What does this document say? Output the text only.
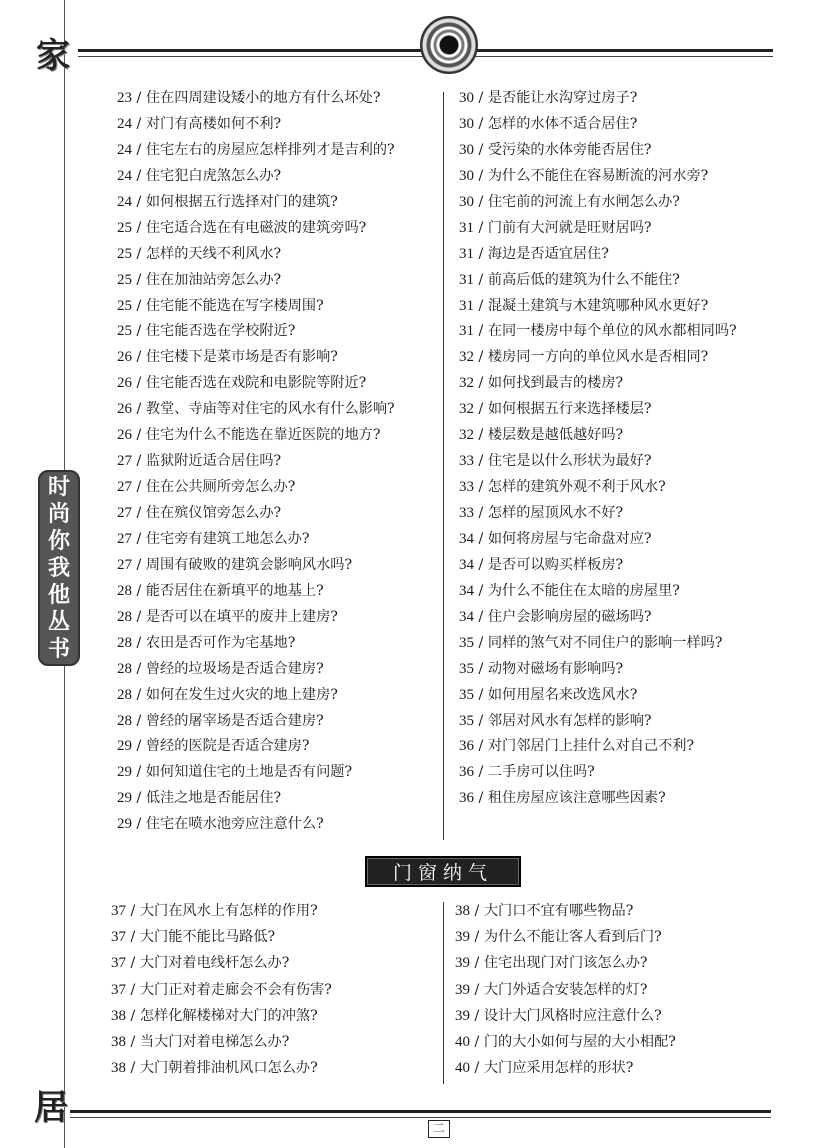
家
居
时
尚
你
我
他
丛
书
23 / 住在四周建设矮小的地方有什么坏处?
24 / 对门有高楼如何不利?
24 / 住宅左右的房屋应怎样排列才是吉利的?
24 / 住宅犯白虎煞怎么办?
24 / 如何根据五行选择对门的建筑?
25 / 住宅适合选在有电磁波的建筑旁吗?
25 / 怎样的天线不利风水?
25 / 住在加油站旁怎么办?
25 / 住宅能不能选在写字楼周围?
25 / 住宅能否选在学校附近?
26 / 住宅楼下是菜市场是否有影响?
26 / 住宅能否选在戏院和电影院等附近?
26 / 教堂、寺庙等对住宅的风水有什么影响?
26 / 住宅为什么不能选在靠近医院的地方?
27 / 监狱附近适合居住吗?
27 / 住在公共厕所旁怎么办?
27 / 住在殡仪馆旁怎么办?
27 / 住宅旁有建筑工地怎么办?
27 / 周围有破败的建筑会影响风水吗?
28 / 能否居住在新填平的地基上?
28 / 是否可以在填平的废井上建房?
28 / 农田是否可作为宅基地?
28 / 曾经的垃圾场是否适合建房?
28 / 如何在发生过火灾的地上建房?
28 / 曾经的屠宰场是否适合建房?
29 / 曾经的医院是否适合建房?
29 / 如何知道住宅的土地是否有问题?
29 / 低洼之地是否能居住?
29 / 住宅在喷水池旁应注意什么?
30 / 是否能让水沟穿过房子?
30 / 怎样的水体不适合居住?
30 / 受污染的水体旁能否居住?
30 / 为什么不能住在容易断流的河水旁?
30 / 住宅前的河流上有水闸怎么办?
31 / 门前有大河就是旺财居吗?
31 / 海边是否适宜居住?
31 / 前高后低的建筑为什么不能住?
31 / 混凝土建筑与木建筑哪种风水更好?
31 / 在同一楼房中每个单位的风水都相同吗?
32 / 楼房同一方向的单位风水是否相同?
32 / 如何找到最吉的楼房?
32 / 如何根据五行来选择楼层?
32 / 楼层数是越低越好吗?
33 / 住宅是以什么形状为最好?
33 / 怎样的建筑外观不利于风水?
33 / 怎样的屋顶风水不好?
34 / 如何将房屋与宅命盘对应?
34 / 是否可以购买样板房?
34 / 为什么不能住在太暗的房屋里?
34 / 住户会影响房屋的磁场吗?
35 / 同样的煞气对不同住户的影响一样吗?
35 / 动物对磁场有影响吗?
35 / 如何用屋名来改选风水?
35 / 邻居对风水有怎样的影响?
36 / 对门邻居门上挂什么对自己不利?
36 / 二手房可以住吗?
36 / 租住房屋应该注意哪些因素?
门窗纳气
37 / 大门在风水上有怎样的作用?
37 / 大门能不能比马路低?
37 / 大门对着电线杆怎么办?
37 / 大门正对着走廊会不会有伤害?
38 / 怎样化解楼梯对大门的冲煞?
38 / 当大门对着电梯怎么办?
38 / 大门朝着排油机风口怎么办?
38 / 大门口不宜有哪些物品?
39 / 为什么不能让客人看到后门?
39 / 住宅出现门对门该怎么办?
39 / 大门外适合安装怎样的灯?
39 / 设计大门风格时应注意什么?
40 / 门的大小如何与屋的大小相配?
40 / 大门应采用怎样的形状?
二
